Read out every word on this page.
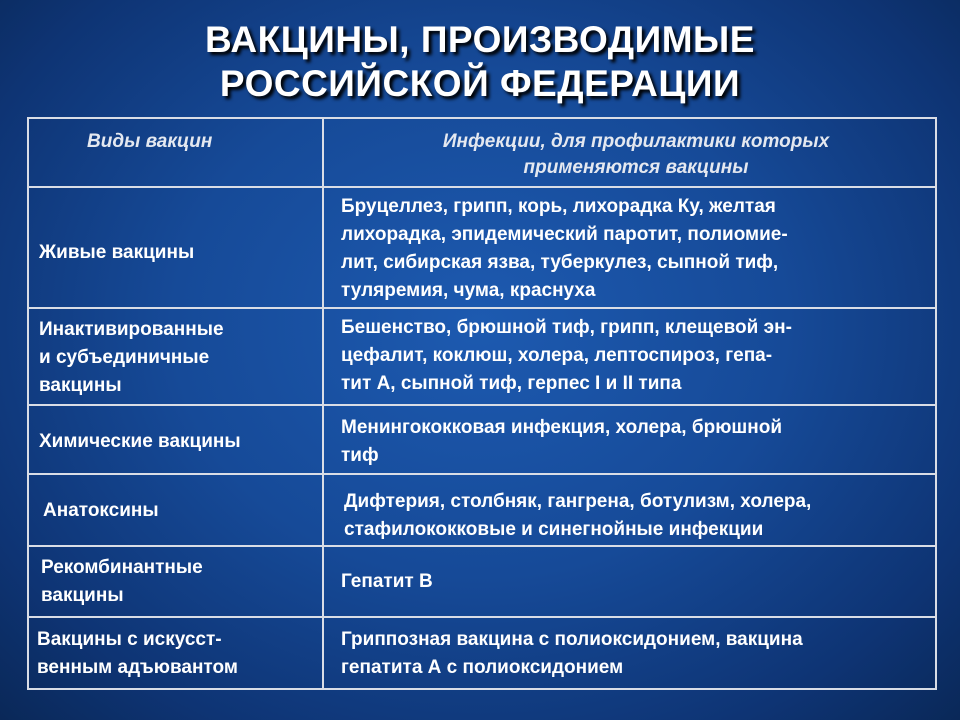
ВАКЦИНЫ, ПРОИЗВОДИМЫЕ
РОССИЙСКОЙ ФЕДЕРАЦИИ
Виды вакцин	Инфекции, для профилактики которых
применяются вакцины
Живые вакцины
Бруцеллез, грипп, корь, лихорадка Ку, желтая
лихорадка, эпидемический паротит, полиомие-
лит, сибирская язва, туберкулез, сыпной тиф,
туляремия, чума, краснуха
Инактивированные
и субъединичные
вакцины
Бешенство, брюшной тиф, грипп, клещевой эн-
цефалит, коклюш, холера, лептоспироз, гепа-
тит А, сыпной тиф, герпес I и II типа
Химические вакцины
Менингококковая инфекция, холера, брюшной
тиф
Анатоксины	Дифтерия, столбняк, гангрена, ботулизм, холера,
стафилококковые и синегнойные инфекции
Рекомбинантные
вакцины
Гепатит В
Вакцины с искусст-
венным адъювантом
Гриппозная вакцина с полиоксидонием, вакцина
гепатита А с полиоксидонием
